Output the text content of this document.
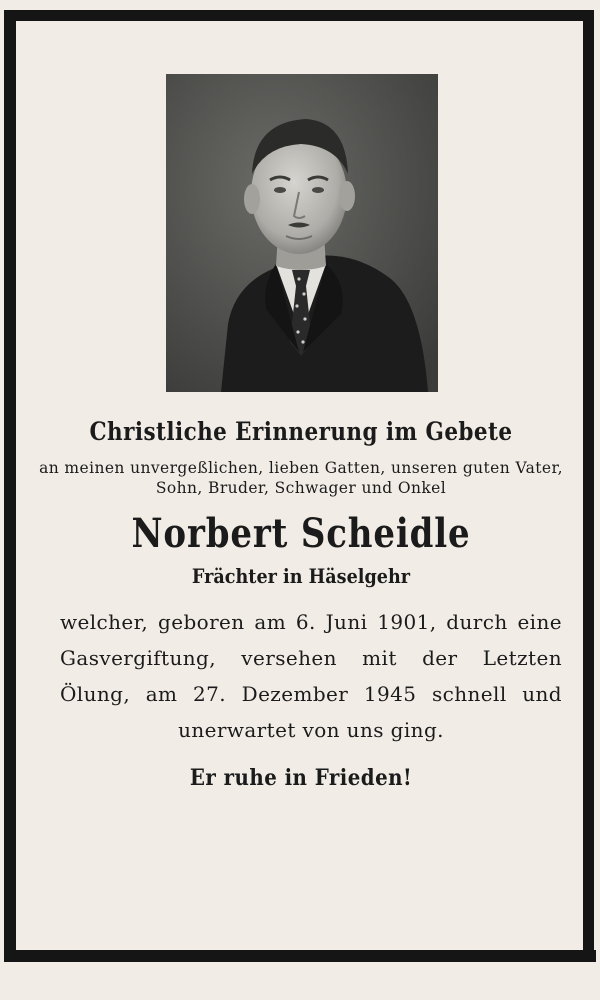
Christliche Erinnerung im Gebete

an meinen unvergeßlichen, lieben Gatten, unseren guten Vater, Sohn, Bruder, Schwager und Onkel

Norbert Scheidle

Frächter in Häselgehr

welcher, geboren am 6. Juni 1901, durch eine Gasvergiftung, versehen mit der Letzten Ölung, am 27. Dezember 1945 schnell und unerwartet von uns ging.

Er ruhe in Frieden!
